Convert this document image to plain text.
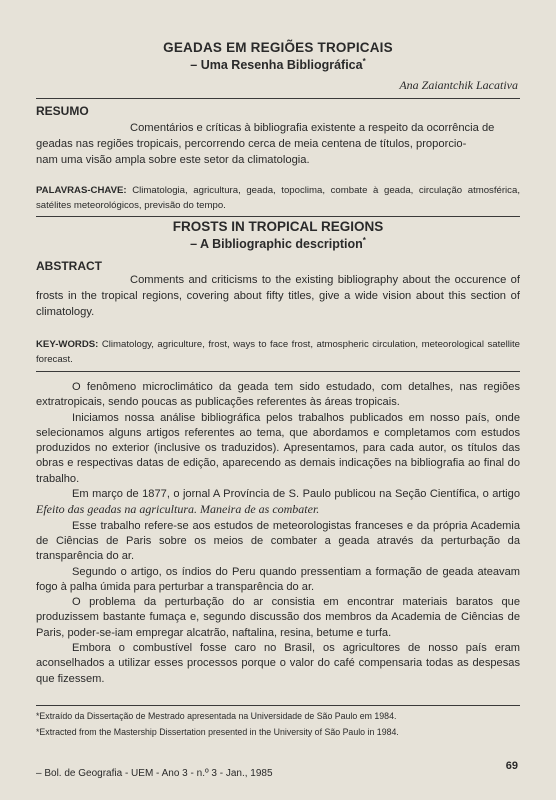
GEADAS EM REGIÕES TROPICAIS
– Uma Resenha Bibliográfica*
Ana Zaiantchik Lacativa
RESUMO
Comentários e críticas à bibliografia existente a respeito da ocorrência de
geadas nas regiões tropicais, percorrendo cerca de meia centena de títulos, proporcio-
nam uma visão ampla sobre este setor da climatologia.
PALAVRAS-CHAVE: Climatologia, agricultura, geada, topoclima, combate à geada, circulação atmosférica, satélites meteorológicos, previsão do tempo.
FROSTS IN TROPICAL REGIONS
– A Bibliographic description*
ABSTRACT
Comments and criticisms to the existing bibliography about the occurence of frosts in the tropical regions, covering about fifty titles, give a wide vision about this section of climatology.
KEY-WORDS: Climatology, agriculture, frost, ways to face frost, atmospheric circulation, meteorological satellite forecast.

O fenômeno microclimático da geada tem sido estudado, com detalhes, nas regiões extratropicais, sendo poucas as publicações referentes às áreas tropicais.

Iniciamos nossa análise bibliográfica pelos trabalhos publicados em nosso país, onde selecionamos alguns artigos referentes ao tema, que abordamos e completamos com estudos produzidos no exterior (inclusive os traduzidos). Apresentamos, para cada autor, os títulos das obras e respectivas datas de edição, aparecendo as demais indicações na bibliografia ao final do trabalho.

Em março de 1877, o jornal A Província de S. Paulo publicou na Seção Científica, o artigo Efeito das geadas na agricultura. Maneira de as combater.

Esse trabalho refere-se aos estudos de meteorologistas franceses e da própria Academia de Ciências de Paris sobre os meios de combater a geada através da perturbação da transparência do ar.

Segundo o artigo, os índios do Peru quando pressentiam a formação de geada ateavam fogo à palha úmida para perturbar a transparência do ar.

O problema da perturbação do ar consistia em encontrar materiais baratos que produzissem bastante fumaça e, segundo discussão dos membros da Academia de Ciências de Paris, poder-se-iam empregar alcatrão, naftalina, resina, betume e turfa.

Embora o combustível fosse caro no Brasil, os agricultores de nosso país eram aconselhados a utilizar esses processos porque o valor do café compensaria todas as despesas que fizessem.

*Extraído da Dissertação de Mestrado apresentada na Universidade de São Paulo em 1984.
*Extracted from the Mastership Dissertation presented in the University of São Paulo in 1984.
– Bol. de Geografia - UEM - Ano 3 - n.º 3 - Jan., 1985
69
